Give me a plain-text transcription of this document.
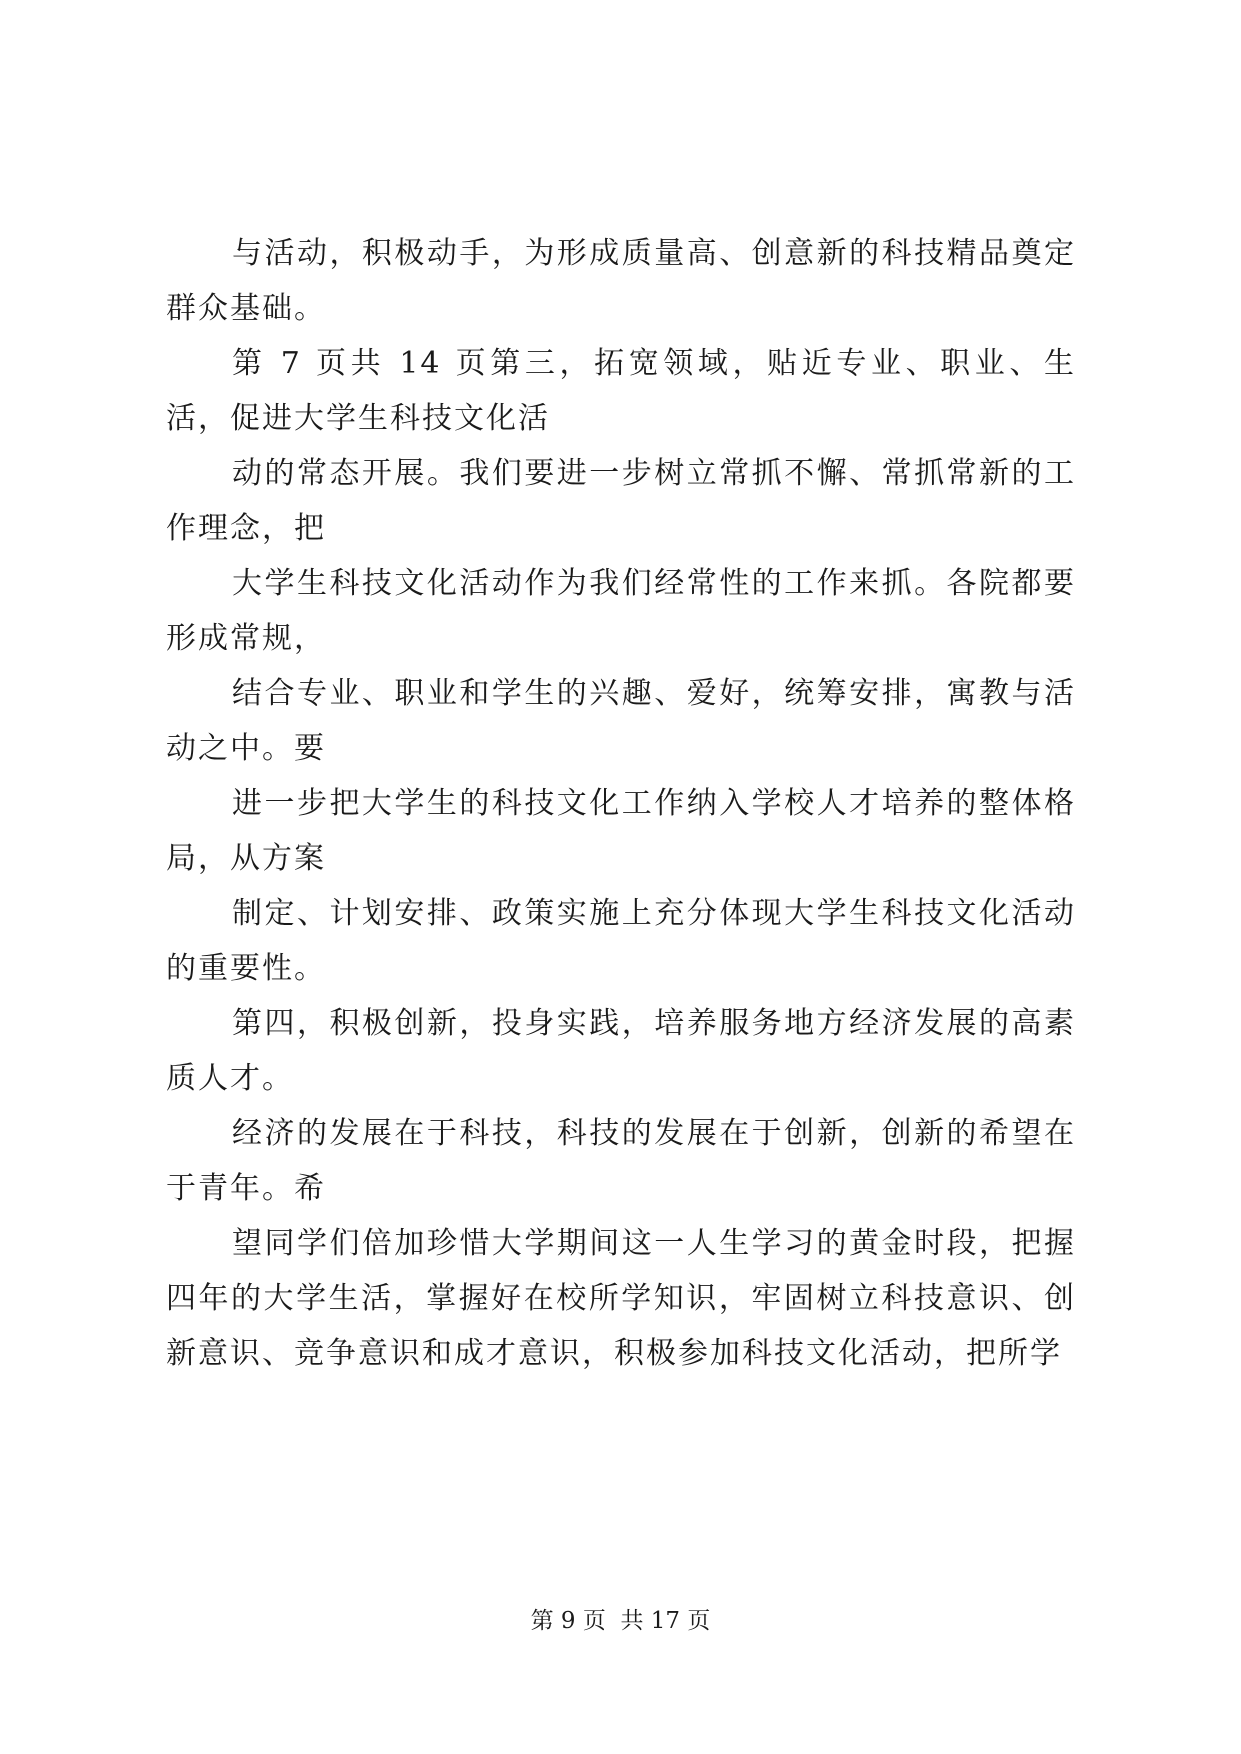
与活动，积极动手，为形成质量高、创意新的科技精品奠定群众基础。

第 7 页共 14 页第三，拓宽领域，贴近专业、职业、生活，促进大学生科技文化活

动的常态开展。我们要进一步树立常抓不懈、常抓常新的工作理念，把

大学生科技文化活动作为我们经常性的工作来抓。各院都要形成常规，

结合专业、职业和学生的兴趣、爱好，统筹安排，寓教与活动之中。要

进一步把大学生的科技文化工作纳入学校人才培养的整体格局，从方案

制定、计划安排、政策实施上充分体现大学生科技文化活动的重要性。

第四，积极创新，投身实践，培养服务地方经济发展的高素质人才。

经济的发展在于科技，科技的发展在于创新，创新的希望在于青年。希

望同学们倍加珍惜大学期间这一人生学习的黄金时段，把握四年的大学生活，掌握好在校所学知识，牢固树立科技意识、创新意识、竞争意识和成才意识，积极参加科技文化活动，把所学

第 9 页  共 17 页
